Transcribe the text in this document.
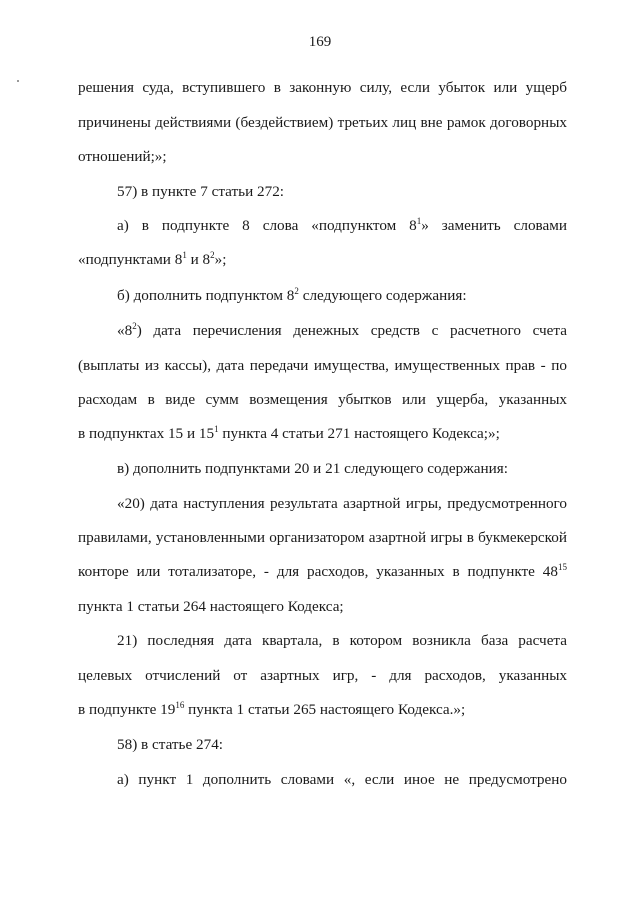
169
решения суда, вступившего в законную силу, если убыток или ущерб
причинены действиями (бездействием) третьих лиц вне рамок договорных
отношений;»;
57) в пункте 7 статьи 272:
а) в подпункте 8 слова «подпунктом $8^1$» заменить словами
«подпунктами $8^1$ и $8^2$»;
б) дополнить подпунктом $8^2$ следующего содержания:
«$8^2$) дата перечисления денежных средств с расчетного счета
(выплаты из кассы), дата передачи имущества, имущественных прав - по
расходам в виде сумм возмещения убытков или ущерба, указанных
в подпунктах 15 и $15^1$ пункта 4 статьи 271 настоящего Кодекса;»;
в) дополнить подпунктами 20 и 21 следующего содержания:
«20) дата наступления результата азартной игры, предусмотренного
правилами, установленными организатором азартной игры в букмекерской
конторе или тотализаторе, - для расходов, указанных в подпункте $48^{15}$
пункта 1 статьи 264 настоящего Кодекса;
21) последняя дата квартала, в котором возникла база расчета
целевых отчислений от азартных игр, - для расходов, указанных
в подпункте $19^{16}$ пункта 1 статьи 265 настоящего Кодекса.»;
58) в статье 274:
а) пункт 1 дополнить словами «, если иное не предусмотрено
